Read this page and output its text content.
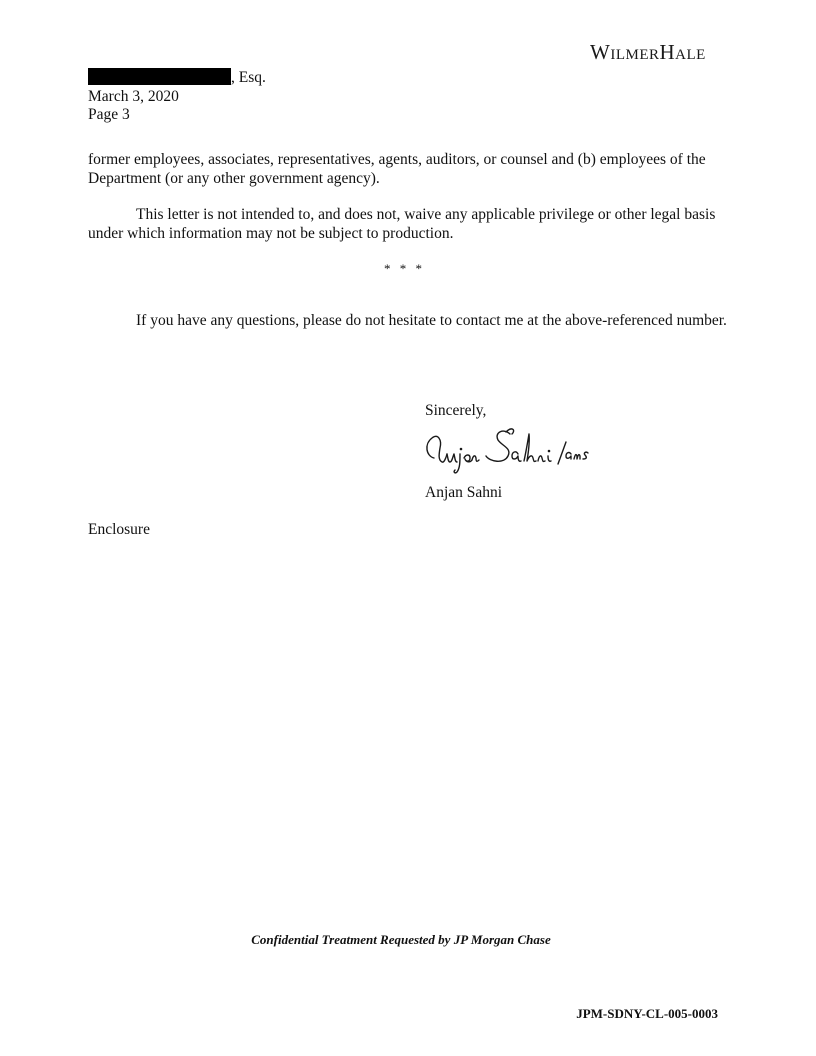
WILMERHALE
, Esq.
March 3, 2020
Page 3
former employees, associates, representatives, agents, auditors, or counsel and (b) employees of the Department (or any other government agency).
This letter is not intended to, and does not, waive any applicable privilege or other legal basis under which information may not be subject to production.
* * *
If you have any questions, please do not hesitate to contact me at the above-referenced number.
Sincerely,
Anjan Sahni
Enclosure
Confidential Treatment Requested by JP Morgan Chase
JPM-SDNY-CL-005-0003
